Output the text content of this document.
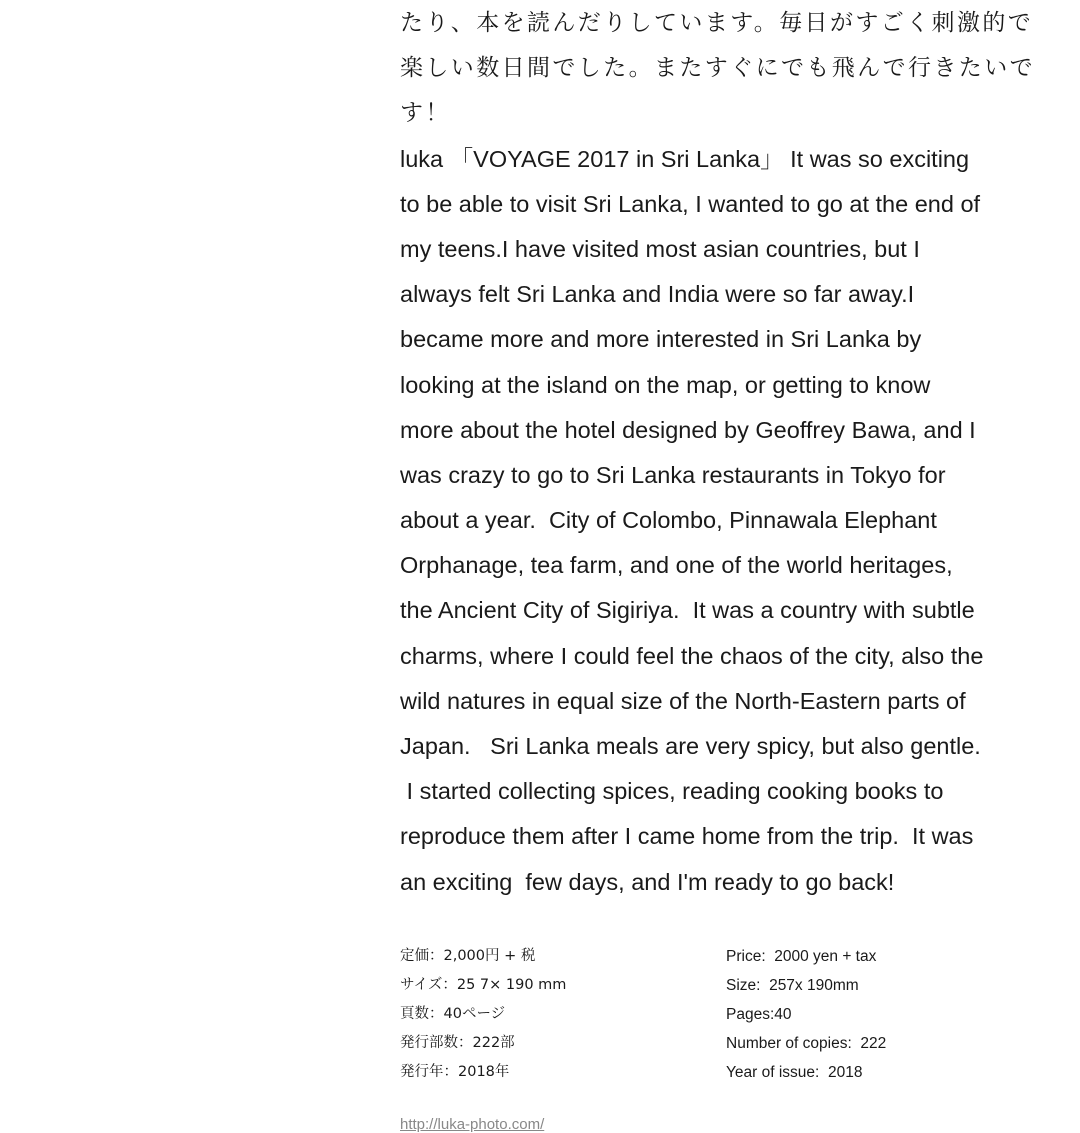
たり、本を読んだりしています。毎日がすごく刺激的で
楽しい数日間でした。またすぐにでも飛んで行きたいで
す！
luka 「VOYAGE 2017 in Sri Lanka」 It was so exciting
to be able to visit Sri Lanka, I wanted to go at the end of
my teens.I have visited most asian countries, but I
always felt Sri Lanka and India were so far away.I
became more and more interested in Sri Lanka by
looking at the island on the map, or getting to know
more about the hotel designed by Geoffrey Bawa, and I
was crazy to go to Sri Lanka restaurants in Tokyo for
about a year.  City of Colombo, Pinnawala Elephant
Orphanage, tea farm, and one of the world heritages,
the Ancient City of Sigiriya.  It was a country with subtle
charms, where I could feel the chaos of the city, also the
wild natures in equal size of the North-Eastern parts of
Japan.   Sri Lanka meals are very spicy, but also gentle.
I started collecting spices, reading cooking books to
reproduce them after I came home from the trip.  It was
an exciting  few days, and I'm ready to go back!
定価：2,000円 + 税
サイズ：25 7× 190 mm
頁数：40ページ
発行部数：222部
発行年：2018年
Price:  2000 yen + tax
Size:  257x 190mm
Pages:40
Number of copies:  222
Year of issue:  2018
http://luka-photo.com/
